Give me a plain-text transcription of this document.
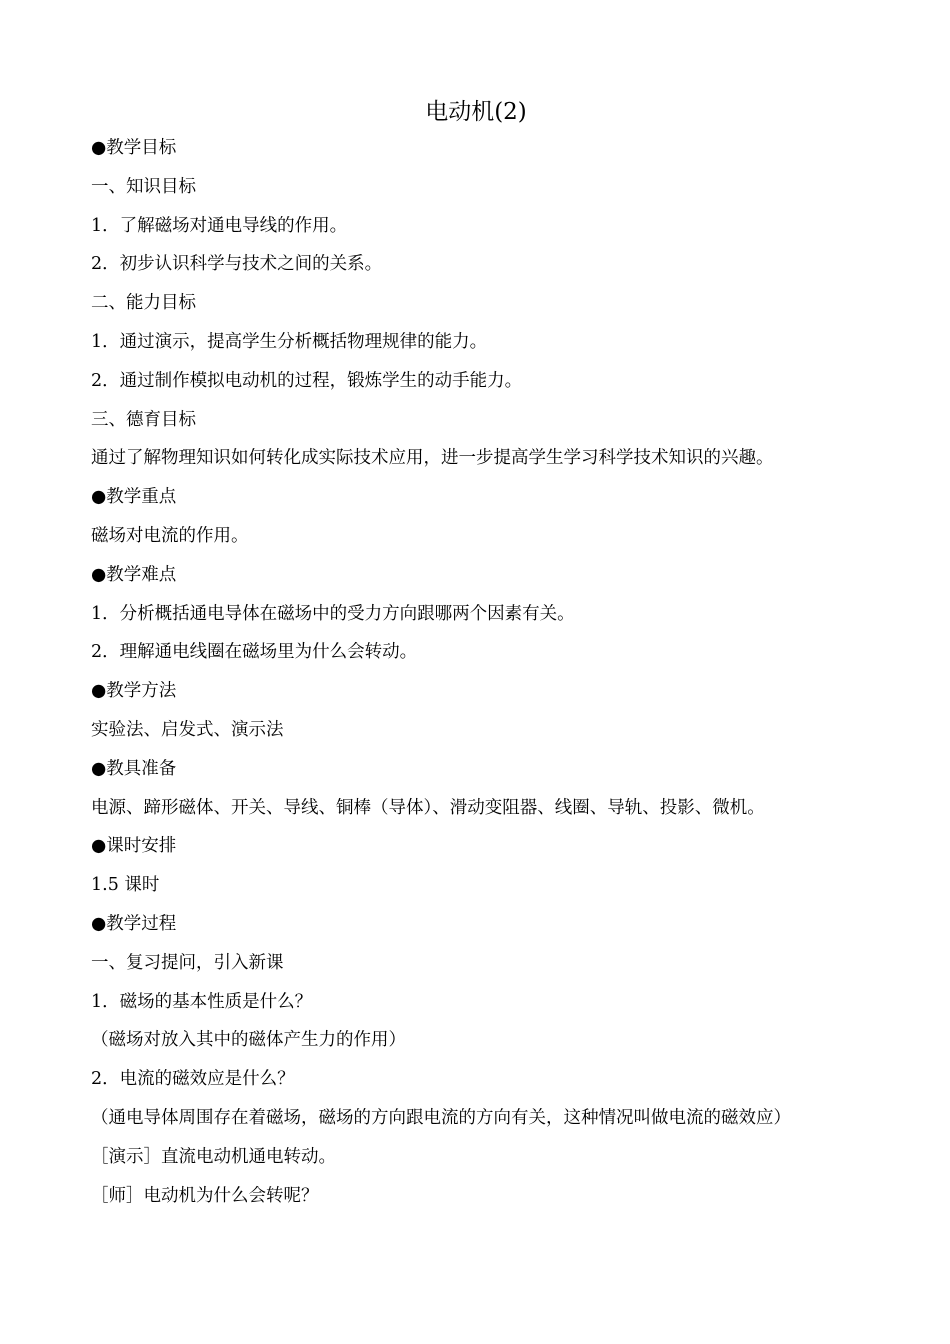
电动机(2)

●教学目标

一、知识目标

1．了解磁场对通电导线的作用。

2．初步认识科学与技术之间的关系。

二、能力目标

1．通过演示，提高学生分析概括物理规律的能力。

2．通过制作模拟电动机的过程，锻炼学生的动手能力。

三、德育目标

通过了解物理知识如何转化成实际技术应用，进一步提高学生学习科学技术知识的兴趣。

●教学重点

磁场对电流的作用。

●教学难点

1．分析概括通电导体在磁场中的受力方向跟哪两个因素有关。

2．理解通电线圈在磁场里为什么会转动。

●教学方法

实验法、启发式、演示法

●教具准备

电源、蹄形磁体、开关、导线、铜棒（导体）、滑动变阻器、线圈、导轨、投影、微机。

●课时安排

1.5 课时

●教学过程

一、复习提问，引入新课

1．磁场的基本性质是什么？

（磁场对放入其中的磁体产生力的作用）

2．电流的磁效应是什么？

（通电导体周围存在着磁场，磁场的方向跟电流的方向有关，这种情况叫做电流的磁效应）

［演示］直流电动机通电转动。

［师］电动机为什么会转呢？
